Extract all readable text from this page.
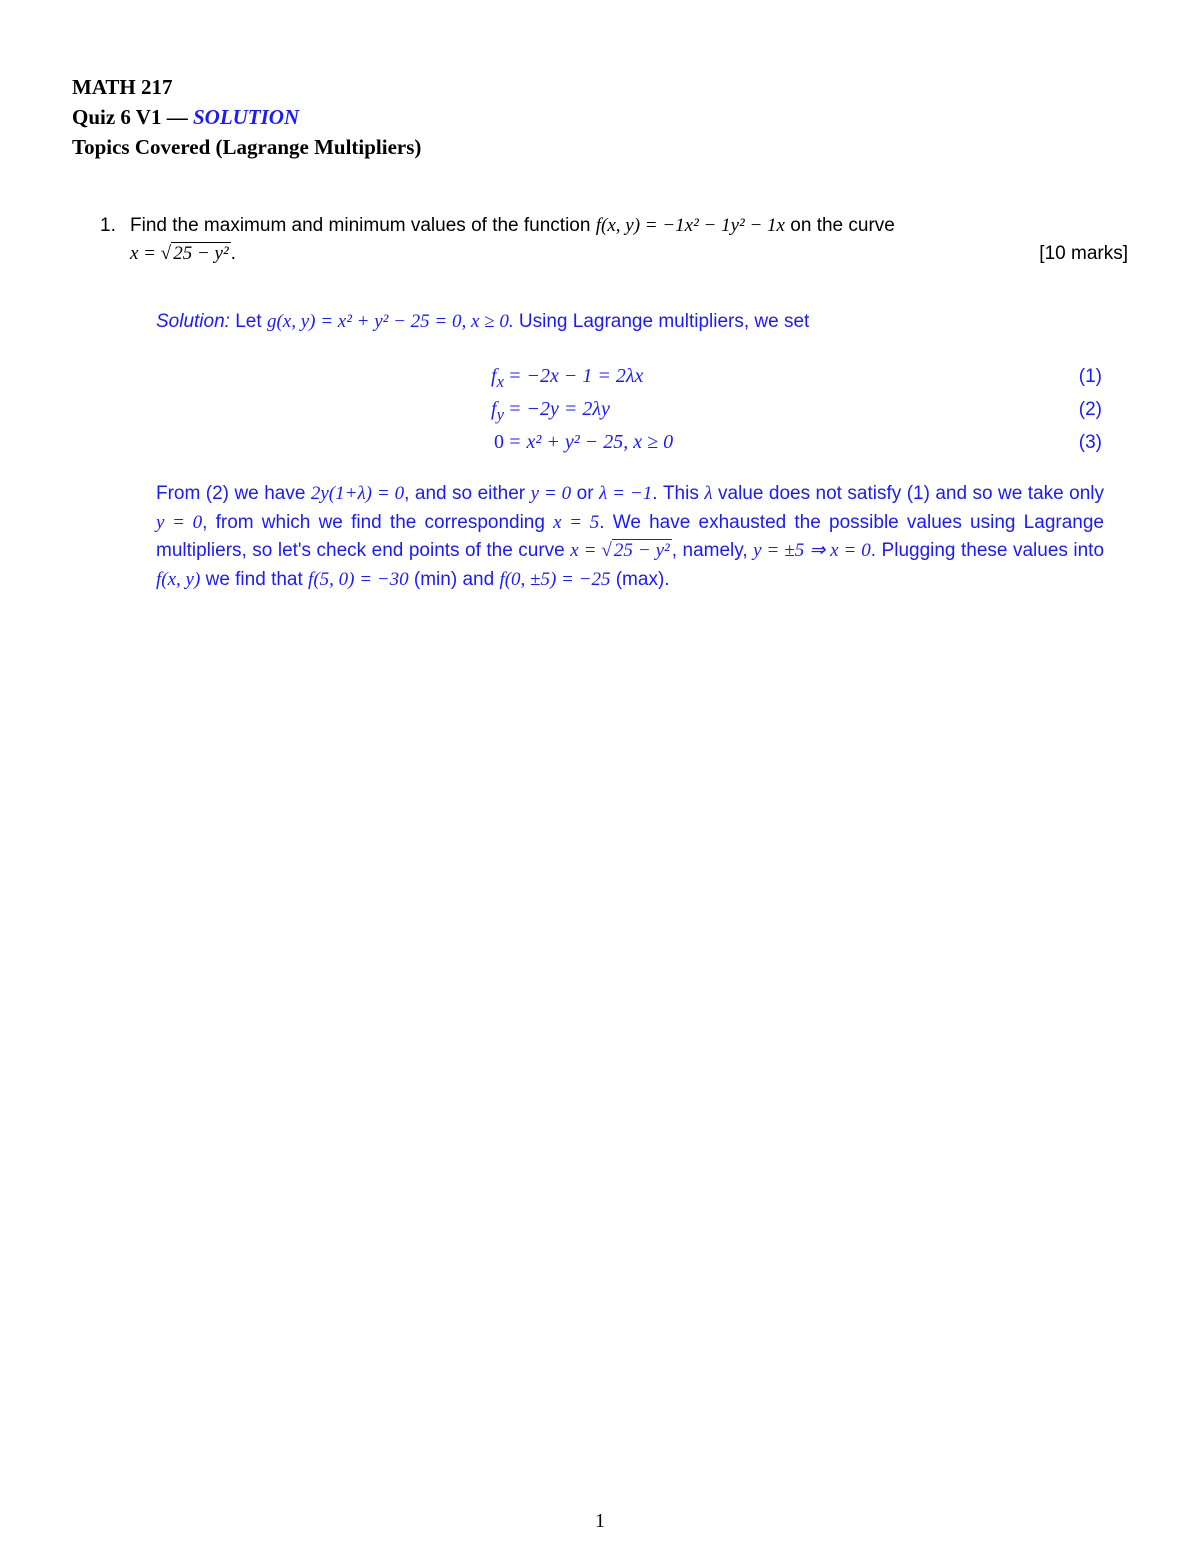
MATH 217
Quiz 6 V1 — SOLUTION
Topics Covered (Lagrange Multipliers)
1. Find the maximum and minimum values of the function f(x, y) = −1x² − 1y² − 1x on the curve
x = √ 25 − y² .	[10 marks]
Solution: Let g(x, y) = x² + y² − 25 = 0, x ≥ 0. Using Lagrange multipliers, we set
$f_x = -2x - 1 = 2\lambda x$	(1)
$f_y = -2y = 2\lambda y$	(2)
0 = x² + y² − 25, x ≥ 0	(3)
From (2) we have 2y(1+λ) = 0, and so either y = 0 or λ = −1. This λ value does not satisfy (1) and so we take only y = 0, from which we find the corresponding x = 5. We have exhausted the possible values using Lagrange multipliers, so let's check end points of the curve x = √ 25 − y² , namely, y = ±5 ⇒ x = 0. Plugging these values into f(x, y) we find that f(5, 0) = −30 (min) and f(0, ±5) = −25 (max).
1
